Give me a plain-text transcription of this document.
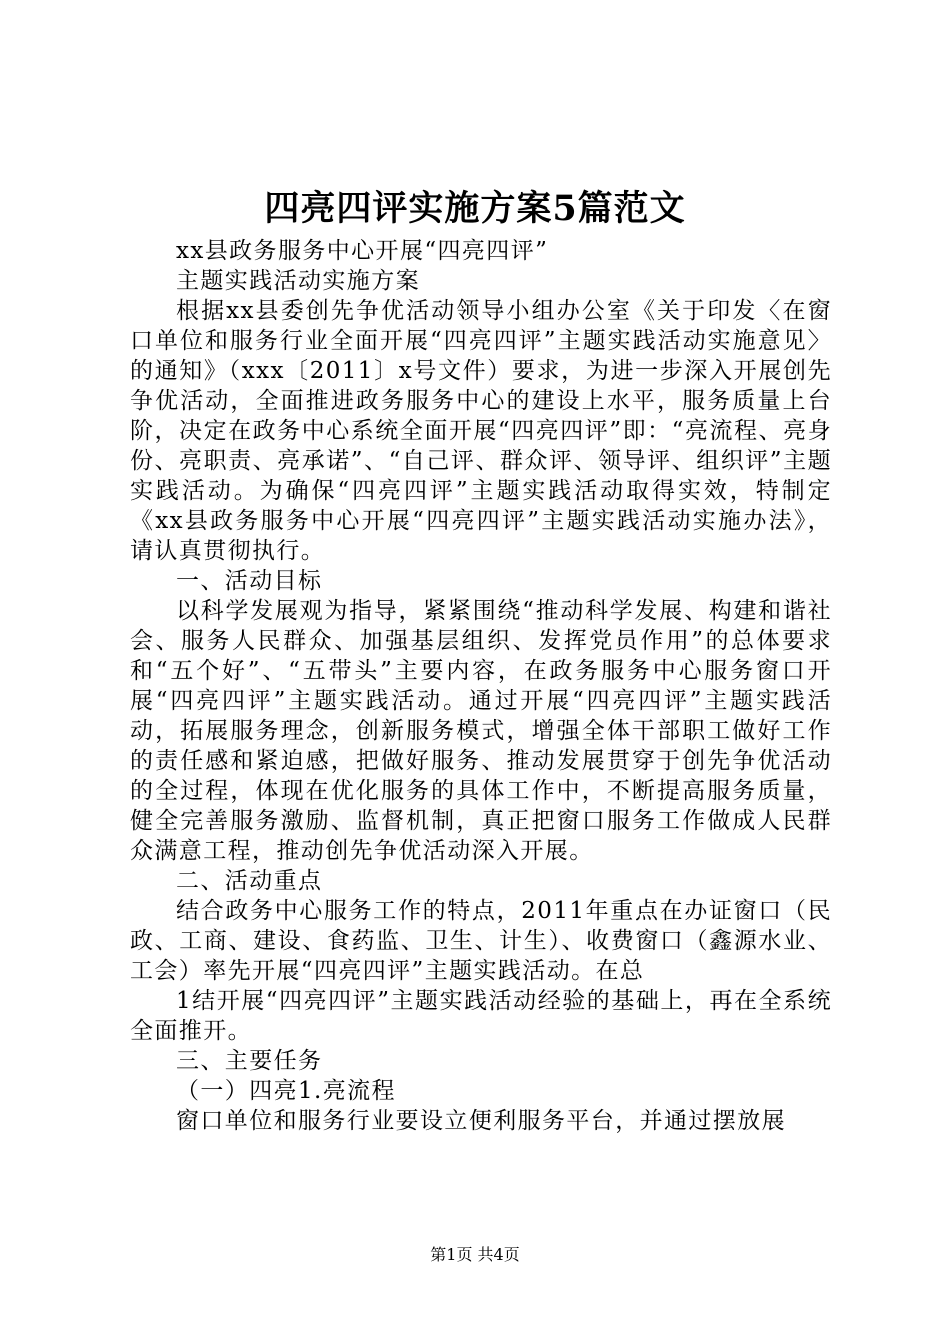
四亮四评实施方案5篇范文

xx县政务服务中心开展“四亮四评”

主题实践活动实施方案

根据xx县委创先争优活动领导小组办公室《关于印发〈在窗口单位和服务行业全面开展“四亮四评”主题实践活动实施意见〉的通知》（xxx〔2011〕x号文件）要求，为进一步深入开展创先争优活动，全面推进政务服务中心的建设上水平，服务质量上台阶，决定在政务中心系统全面开展“四亮四评”即：“亮流程、亮身份、亮职责、亮承诺”、“自己评、群众评、领导评、组织评”主题实践活动。为确保“四亮四评”主题实践活动取得实效，特制定《xx县政务服务中心开展“四亮四评”主题实践活动实施办法》，请认真贯彻执行。

一、活动目标

以科学发展观为指导，紧紧围绕“推动科学发展、构建和谐社会、服务人民群众、加强基层组织、发挥党员作用”的总体要求和“五个好”、“五带头”主要内容，在政务服务中心服务窗口开展“四亮四评”主题实践活动。通过开展“四亮四评”主题实践活动，拓展服务理念，创新服务模式，增强全体干部职工做好工作的责任感和紧迫感，把做好服务、推动发展贯穿于创先争优活动的全过程，体现在优化服务的具体工作中，不断提高服务质量，健全完善服务激励、监督机制，真正把窗口服务工作做成人民群众满意工程，推动创先争优活动深入开展。

二、活动重点

结合政务中心服务工作的特点，2011年重点在办证窗口（民政、工商、建设、食药监、卫生、计生）、收费窗口（鑫源水业、工会）率先开展“四亮四评”主题实践活动。在总

1结开展“四亮四评”主题实践活动经验的基础上，再在全系统全面推开。

三、主要任务

（一）四亮1.亮流程

窗口单位和服务行业要设立便利服务平台，并通过摆放展

第1页 共4页
